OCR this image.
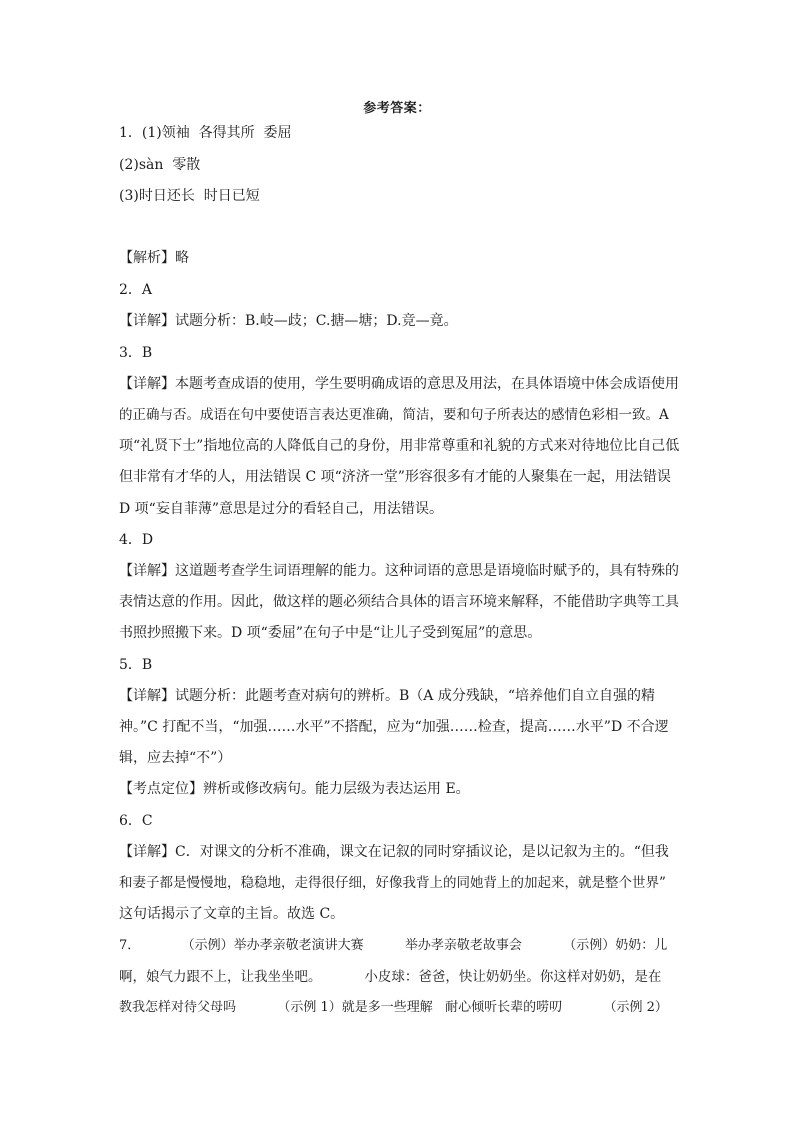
参考答案：
1．(1)领袖  各得其所  委屈
(2)sàn  零散
(3)时日还长  时日已短
【解析】略
2．A
【详解】试题分析：B.岐—歧；C.搪—塘；D.竞—竟。
3．B
【详解】本题考查成语的使用，学生要明确成语的意思及用法，在具体语境中体会成语使用
的正确与否。成语在句中要使语言表达更准确，简洁，要和句子所表达的感情色彩相一致。A
项“礼贤下士”指地位高的人降低自己的身份，用非常尊重和礼貌的方式来对待地位比自己低
但非常有才华的人，用法错误 C 项“济济一堂”形容很多有才能的人聚集在一起，用法错误
D 项“妄自菲薄”意思是过分的看轻自己，用法错误。
4．D
【详解】这道题考查学生词语理解的能力。这种词语的意思是语境临时赋予的，具有特殊的
表情达意的作用。因此，做这样的题必须结合具体的语言环境来解释，不能借助字典等工具
书照抄照搬下来。D 项“委屈”在句子中是“让儿子受到冤屈”的意思。
5．B
【详解】试题分析：此题考查对病句的辨析。B（A 成分残缺，“培养他们自立自强的精
神。”C 打配不当，“加强……水平”不搭配，应为“加强……检查，提高……水平”D 不合逻
辑，应去掉“不”）
【考点定位】辨析或修改病句。能力层级为表达运用 E。
6．C
【详解】C．对课文的分析不准确，课文在记叙的同时穿插议论，是以记叙为主的。“但我
和妻子都是慢慢地，稳稳地，走得很仔细，好像我背上的同她背上的加起来，就是整个世界”
这句话揭示了文章的主旨。故选 C。
7．          （示例）举办孝亲敬老演讲大赛          举办孝亲敬老故事会          （示例）奶奶：儿
啊，娘气力跟不上，让我坐坐吧。          小皮球：爸爸，快让奶奶坐。你这样对奶奶，是在
教我怎样对待父母吗          （示例 1）就是多一些理解   耐心倾听长辈的唠叨          （示例 2）
